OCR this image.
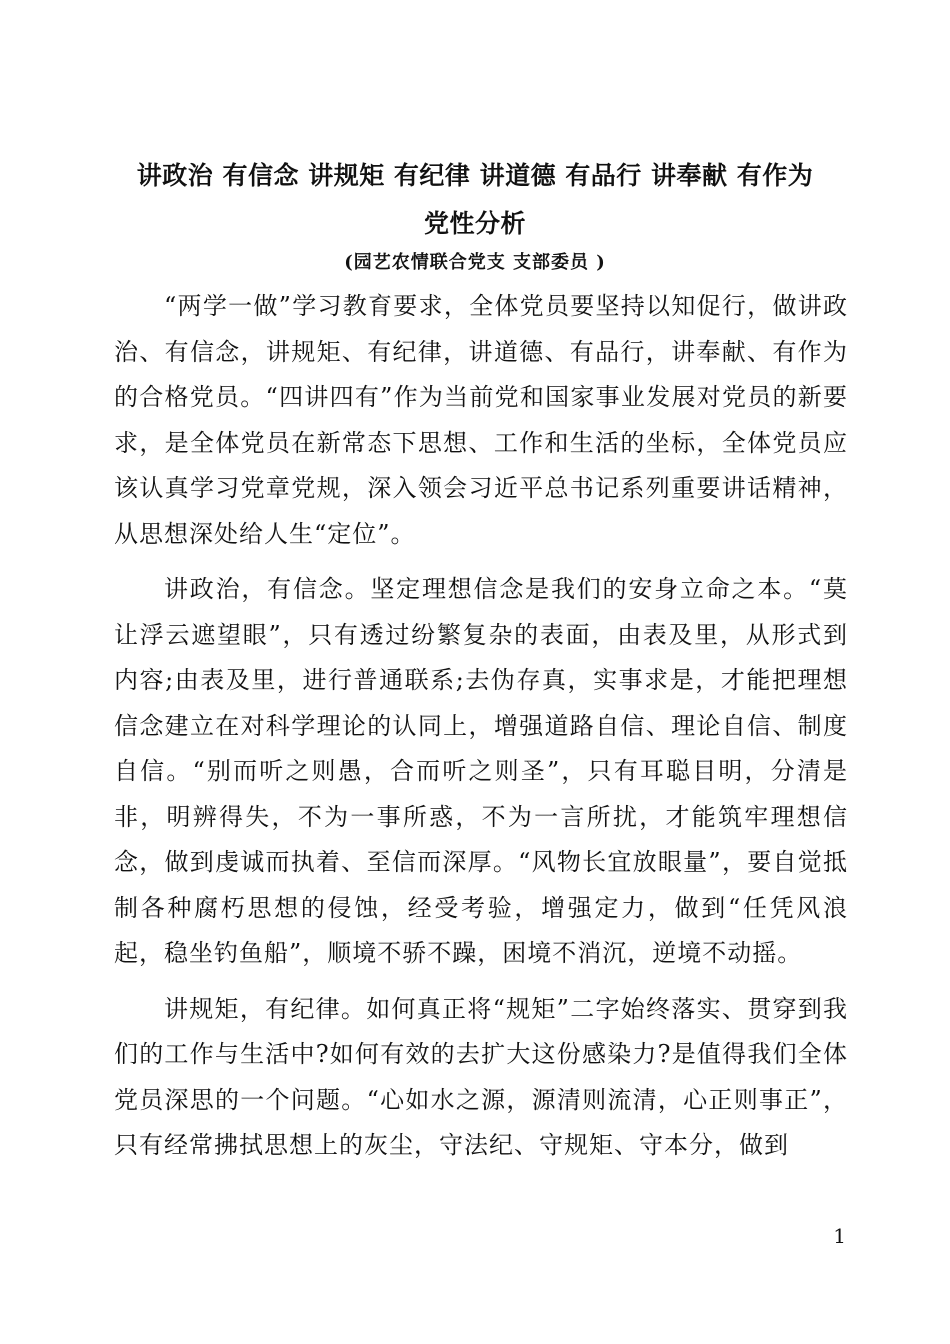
讲政治 有信念 讲规矩 有纪律 讲道德 有品行 讲奉献 有作为
党性分析
(园艺农情联合党支 支部委员 )

“两学一做”学习教育要求，全体党员要坚持以知促行，做讲政治、有信念，讲规矩、有纪律，讲道德、有品行，讲奉献、有作为的合格党员。“四讲四有”作为当前党和国家事业发展对党员的新要求，是全体党员在新常态下思想、工作和生活的坐标，全体党员应该认真学习党章党规，深入领会习近平总书记系列重要讲话精神，从思想深处给人生“定位”。

讲政治，有信念。坚定理想信念是我们的安身立命之本。“莫让浮云遮望眼”，只有透过纷繁复杂的表面，由表及里，从形式到内容;由表及里，进行普通联系;去伪存真，实事求是，才能把理想信念建立在对科学理论的认同上，增强道路自信、理论自信、制度自信。“别而听之则愚，合而听之则圣”，只有耳聪目明，分清是非，明辨得失，不为一事所惑，不为一言所扰，才能筑牢理想信念，做到虔诚而执着、至信而深厚。“风物长宜放眼量”，要自觉抵制各种腐朽思想的侵蚀，经受考验，增强定力，做到“任凭风浪起，稳坐钓鱼船”，顺境不骄不躁，困境不消沉，逆境不动摇。

讲规矩，有纪律。如何真正将“规矩”二字始终落实、贯穿到我们的工作与生活中?如何有效的去扩大这份感染力?是值得我们全体党员深思的一个问题。“心如水之源，源清则流清，心正则事正”，只有经常拂拭思想上的灰尘，守法纪、守规矩、守本分，做到

1
